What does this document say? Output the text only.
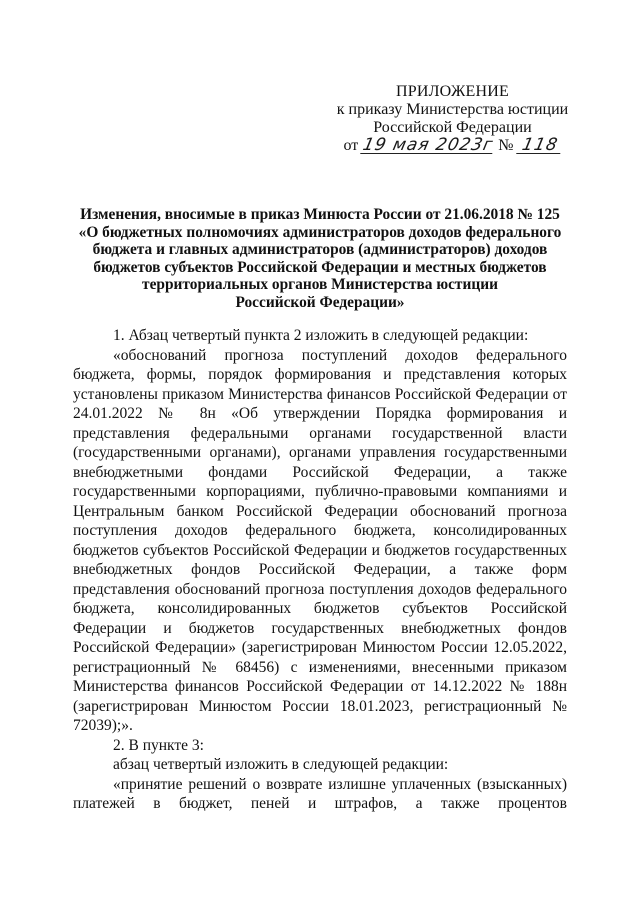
ПРИЛОЖЕНИЕ
к приказу Министерства юстиции
Российской Федерации
от 19 мая 2023г № 118
Изменения, вносимые в приказ Минюста России от 21.06.2018 № 125
«О бюджетных полномочиях администраторов доходов федерального
бюджета и главных администраторов (администраторов) доходов
бюджетов субъектов Российской Федерации и местных бюджетов
территориальных органов Министерства юстиции
Российской Федерации»

1. Абзац четвертый пункта 2 изложить в следующей редакции:

«обоснований прогноза поступлений доходов федерального бюджета, формы, порядок формирования и представления которых установлены приказом Министерства финансов Российской Федерации от 24.01.2022 № 8н «Об утверждении Порядка формирования и представления федеральными органами государственной власти (государственными органами), органами управления государственными внебюджетными фондами Российской Федерации, а также государственными корпорациями, публично-правовыми компаниями и Центральным банком Российской Федерации обоснований прогноза поступления доходов федерального бюджета, консолидированных бюджетов субъектов Российской Федерации и бюджетов государственных внебюджетных фондов Российской Федерации, а также форм представления обоснований прогноза поступления доходов федерального бюджета, консолидированных бюджетов субъектов Российской Федерации и бюджетов государственных внебюджетных фондов Российской Федерации» (зарегистрирован Минюстом России 12.05.2022, регистрационный № 68456) с изменениями, внесенными приказом Министерства финансов Российской Федерации от 14.12.2022 № 188н (зарегистрирован Минюстом России 18.01.2023, регистрационный № 72039);».

2. В пункте 3:

абзац четвертый изложить в следующей редакции:

«принятие решений о возврате излишне уплаченных (взысканных) платежей в бюджет, пеней и штрафов, а также процентов
